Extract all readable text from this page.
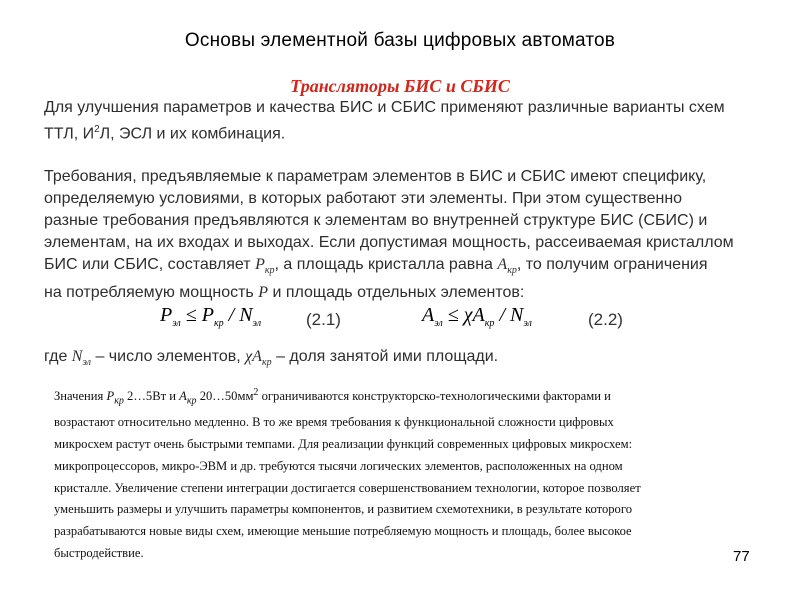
Основы элементной базы цифровых автоматов
Трансляторы БИС и СБИС

Для улучшения параметров и качества БИС и СБИС применяют различные варианты схем

ТТЛ, $И^2Л$, ЭСЛ и их комбинация.

Требования, предъявляемые к параметрам элементов в БИС и СБИС имеют специфику,

определяемую условиями, в которых работают эти элементы. При этом существенно

разные требования предъявляются к элементам во внутренней структуре БИС (СБИС) и

элементам, на их входах и выходах. Если допустимая мощность, рассеиваемая кристаллом

БИС или СБИС, составляет $P_{кр}$, а площадь кристалла равна $A_{кр}$, то получим ограничения

на потребляемую мощность P и площадь отдельных элементов:

$P_{эл} \le P_{кр} / N_{эл}$	(2.1)	$A_{эл} \le \chi A_{кр} / N_{эл}$	(2.2)
где $N_{эл}$ – число элементов, $\chi A_{кр}$ – доля занятой ими площади.

Значения $P_{кр}$ 2…5Вт и $A_{кр}$ $20\dots 50мм^2$ ограничиваются конструкторско-технологическими факторами и

возрастают относительно медленно. В то же время требования к функциональной сложности цифровых

микросхем растут очень быстрыми темпами. Для реализации функций современных цифровых микросхем:

микропроцессоров, микро-ЭВМ и др. требуются тысячи логических элементов, расположенных на одном

кристалле. Увеличение степени интеграции достигается совершенствованием технологии, которое позволяет

уменьшить размеры и улучшить параметры компонентов, и развитием схемотехники, в результате которого

разрабатываются новые виды схем, имеющие меньшие потребляемую мощность и площадь, более высокое

быстродействие.	77
